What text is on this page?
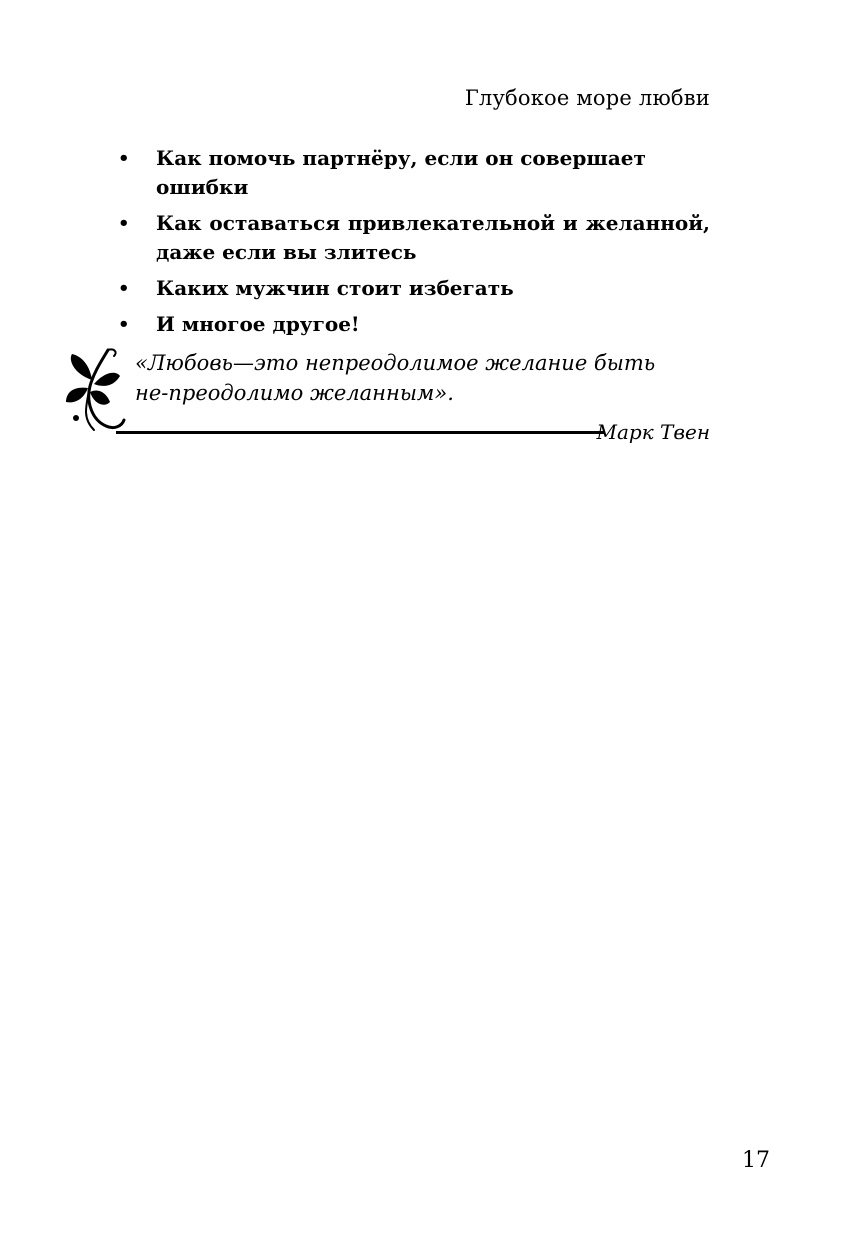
Глубокое море любви
• Как помочь партнёру, если он совершает ошибки
• Как оставаться привлекательной и желанной, даже если вы злитесь
• Каких мужчин стоит избегать
• И многое другое!
«Любовь—это непреодолимое желание быть не-преодолимо желанным».
Марк Твен
17
